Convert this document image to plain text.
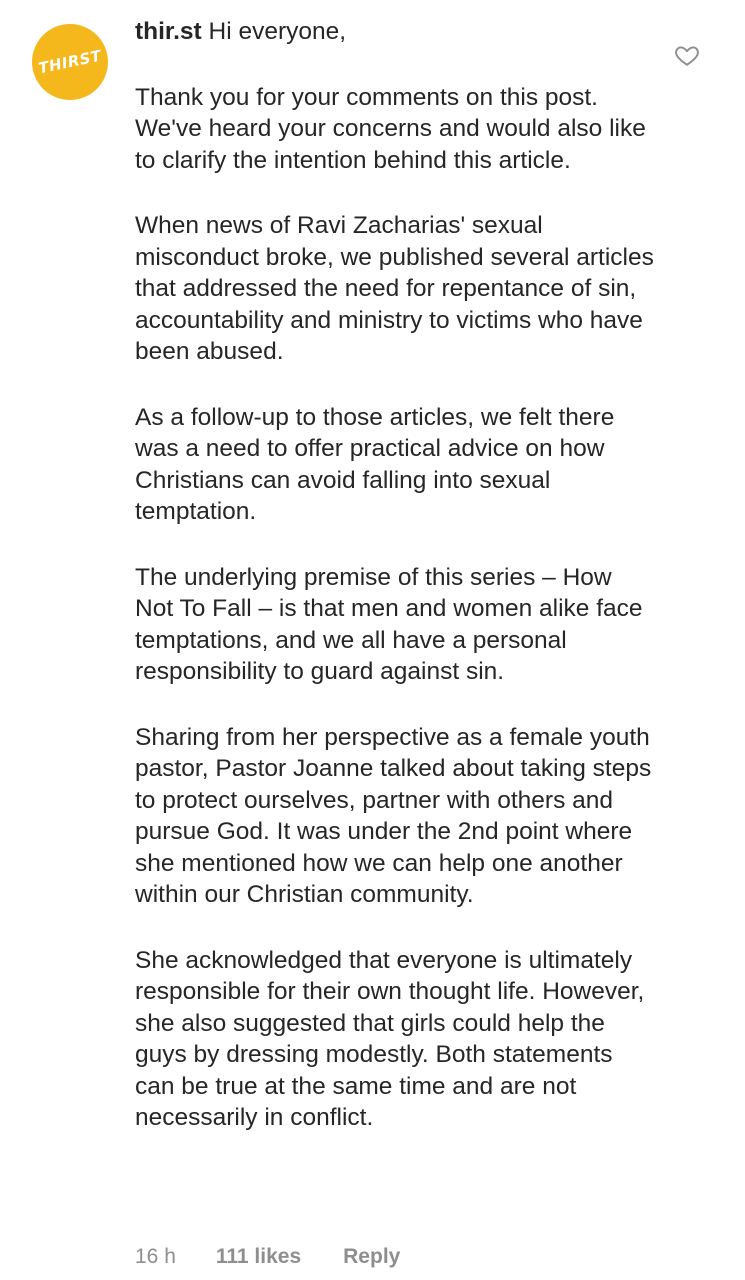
THIRST

thir.st Hi everyone,

Thank you for your comments on this post. We've heard your concerns and would also like to clarify the intention behind this article.

When news of Ravi Zacharias' sexual misconduct broke, we published several articles that addressed the need for repentance of sin, accountability and ministry to victims who have been abused.

As a follow-up to those articles, we felt there was a need to offer practical advice on how Christians can avoid falling into sexual temptation.

The underlying premise of this series – How Not To Fall – is that men and women alike face temptations, and we all have a personal responsibility to guard against sin.

Sharing from her perspective as a female youth pastor, Pastor Joanne talked about taking steps to protect ourselves, partner with others and pursue God. It was under the 2nd point where she mentioned how we can help one another within our Christian community.

She acknowledged that everyone is ultimately responsible for their own thought life. However, she also suggested that girls could help the guys by dressing modestly. Both statements can be true at the same time and are not necessarily in conflict.

16 h 111 likes Reply
